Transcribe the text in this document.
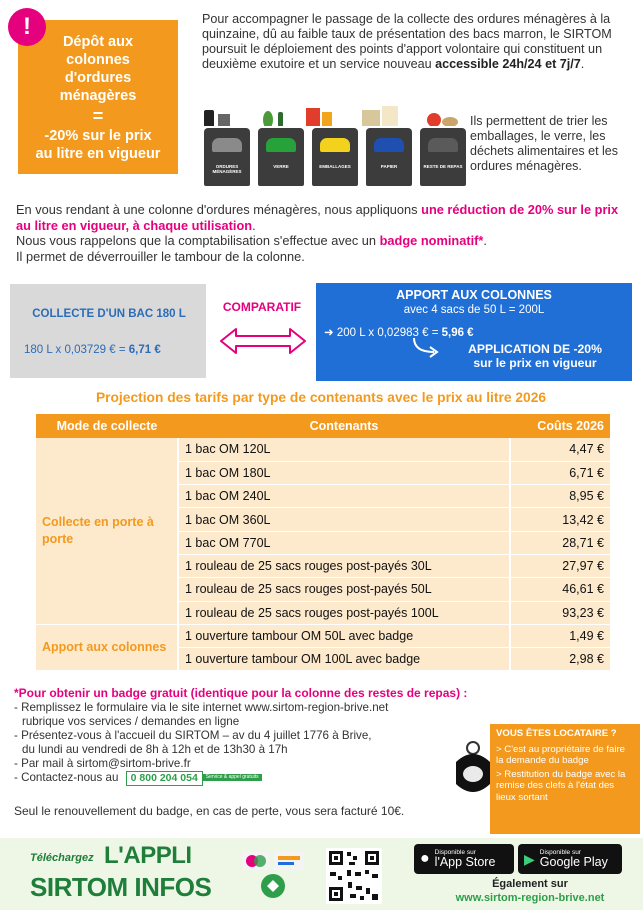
Dépôt aux
colonnes
d'ordures
ménagères
=
-20% sur le prix
au litre en vigueur
!	Pour accompagner le passage de la collecte des ordures ménagères à la quinzaine, dû au faible taux de présentation des bacs marron, le SIRTOM poursuit le déploiement des points d'apport volontaire qui constituent un deuxième exutoire et un service nouveau accessible 24h/24 et 7j/7.
ORDURES MÉNAGÈRES
VERRE	EMBALLAGES	PAPIER	RESTE DE REPAS
Ils permettent de trier les emballages, le verre, les déchets alimentaires et les ordures ménagères.
En vous rendant à une colonne d'ordures ménagères, nous appliquons une réduction de 20% sur le prix au litre en vigueur, à chaque utilisation.
Nous vous rappelons que la comptabilisation s'effectue avec un badge nominatif*.
Il permet de déverrouiller le tambour de la colonne.
COLLECTE D'UN BAC 180 L
180 L x 0,03729 € = 6,71 €
COMPARATIF
APPORT AUX COLONNES
avec 4 sacs de 50 L = 200L
➜ 200 L x 0,02983 € = 5,96 €
APPLICATION DE -20%
sur le prix en vigueur
Projection des tarifs par type de contenants avec le prix au litre 2026
Mode de collecte	Contenants	Coûts 2026
Collecte en porte à porte	1 bac OM 120L	4,47 €
	1 bac OM 180L	6,71 €
	1 bac OM 240L	8,95 €
	1 bac OM 360L	13,42 €
	1 bac OM 770L	28,71 €
	1 rouleau de 25 sacs rouges post-payés 30L	27,97 €
	1 rouleau de 25 sacs rouges post-payés 50L	46,61 €
	1 rouleau de 25 sacs rouges post-payés 100L	93,23 €
Apport aux colonnes	1 ouverture tambour OM 50L avec badge	1,49 €
	1 ouverture tambour OM 100L avec badge	2,98 €
*Pour obtenir un badge gratuit (identique pour la colonne des restes de repas) :
- Remplissez le formulaire via le site internet www.sirtom-region-brive.net
rubrique vos services / demandes en ligne
- Présentez-vous à l'accueil du SIRTOM – av du 4 juillet 1776 à Brive,
du lundi au vendredi de 8h à 12h et de 13h30 à 17h
- Par mail à sirtom@sirtom-brive.fr
- Contactez-nous au 0 800 204 054 Service & appel gratuits
Seul le renouvellement du badge, en cas de perte, vous sera facturé 10€.
VOUS ÊTES LOCATAIRE ?
> C'est au propriétaire de faire la demande du badge
> Restitution du badge avec la remise des clefs à l'état des lieux sortant
Téléchargez L'APPLI
SIRTOM INFOS
● Disponible sur
l'App Store ▶ Disponible sur
Google Play
Également sur
www.sirtom-region-brive.net
